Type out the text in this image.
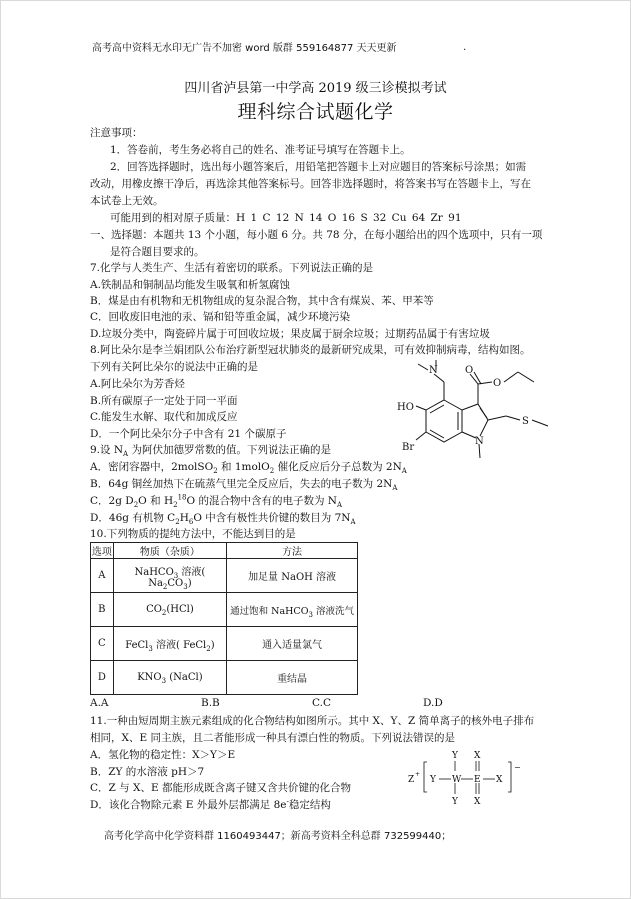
高考高中资料无水印无广告不加密 word 版群 559164877 天天更新	.
四川省泸县第一中学高 2019 级三诊模拟考试
理科综合试题化学
注意事项：
1．答卷前，考生务必将自己的姓名、准考证号填写在答题卡上。
2．回答选择题时，选出每小题答案后，用铅笔把答题卡上对应题目的答案标号涂黑；如需
改动，用橡皮擦干净后，再选涂其他答案标号。回答非选择题时，将答案书写在答题卡上，写在
本试卷上无效。
可能用到的相对原子质量：H 1 C 12 N 14 O 16 S 32 Cu 64 Zr 91
一、选择题：本题共 13 个小题，每小题 6 分。共 78 分，在每小题给出的四个选项中，只有一项
是符合题目要求的。
7.化学与人类生产、生活有着密切的联系。下列说法正确的是
A.铁制品和铜制品均能发生吸氧和析氢腐蚀
B．煤是由有机物和无机物组成的复杂混合物，其中含有煤炭、苯、甲苯等
C．回收废旧电池的汞、镉和铅等重金属，减少环境污染
D.垃圾分类中，陶瓷碎片属于可回收垃圾；果皮属于厨余垃圾；过期药品属于有害垃圾
8.阿比朵尔是李兰娟团队公布治疗新型冠状肺炎的最新研究成果，可有效抑制病毒，结构如图。
下列有关阿比朵尔的说法中正确的是
A.阿比朵尔为芳香烃
B.所有碳原子一定处于同一平面
C.能发生水解、取代和加成反应
D．一个阿比朵尔分子中含有 21 个碳原子
N	O
O
HO
Br
N
S
9.设 $N_A$ 为阿伏加德罗常数的值。下列说法正确的是
A．密闭容器中，2molSO$_2$ 和 1molO$_2$ 催化反应后分子总数为 $2N_A$
B．64g 铜丝加热下在硫蒸气里完全反应后，失去的电子数为 $2N_A$
C．2g $D_2O$ 和 $H_2^{18}O$ 的混合物中含有的电子数为 $N_A$
D．46g 有机物 $C_2H_6O$ 中含有极性共价键的数目为 $7N_A$
10.下列物质的提纯方法中，不能达到目的是
选项	物质（杂质）	方法
A	NaHCO$_3$ 溶液( $Na_2CO_3$)	加足量 NaOH 溶液
B	$CO_2(HCl)$	通过饱和 NaHCO$_3$ 溶液洗气
C	FeCl$_3$ 溶液( FeCl$_2$)	通入适量氯气
D	$KNO_3$ (NaCl)	重结晶
A.A	B.B	C.C	D.D
11.一种由短周期主族元素组成的化合物结构如图所示。其中 X、Y、Z 简单离子的核外电子排布
相同，X、E 同主族，且二者能形成一种具有漂白性的物质。下列说法错误的是
A．氢化物的稳定性：X＞Y＞E
B．ZY 的水溶液 pH＞7
C．Z 与 X、E 都能形成既含离子键又含共价键的化合物
D．该化合物除元素 E 外最外层都满足 8e-稳定结构
Z
+
Y W
Y
Y
E
X
X
X
−
高考化学高中化学资料群 1160493447；新高考资料全科总群 732599440；
